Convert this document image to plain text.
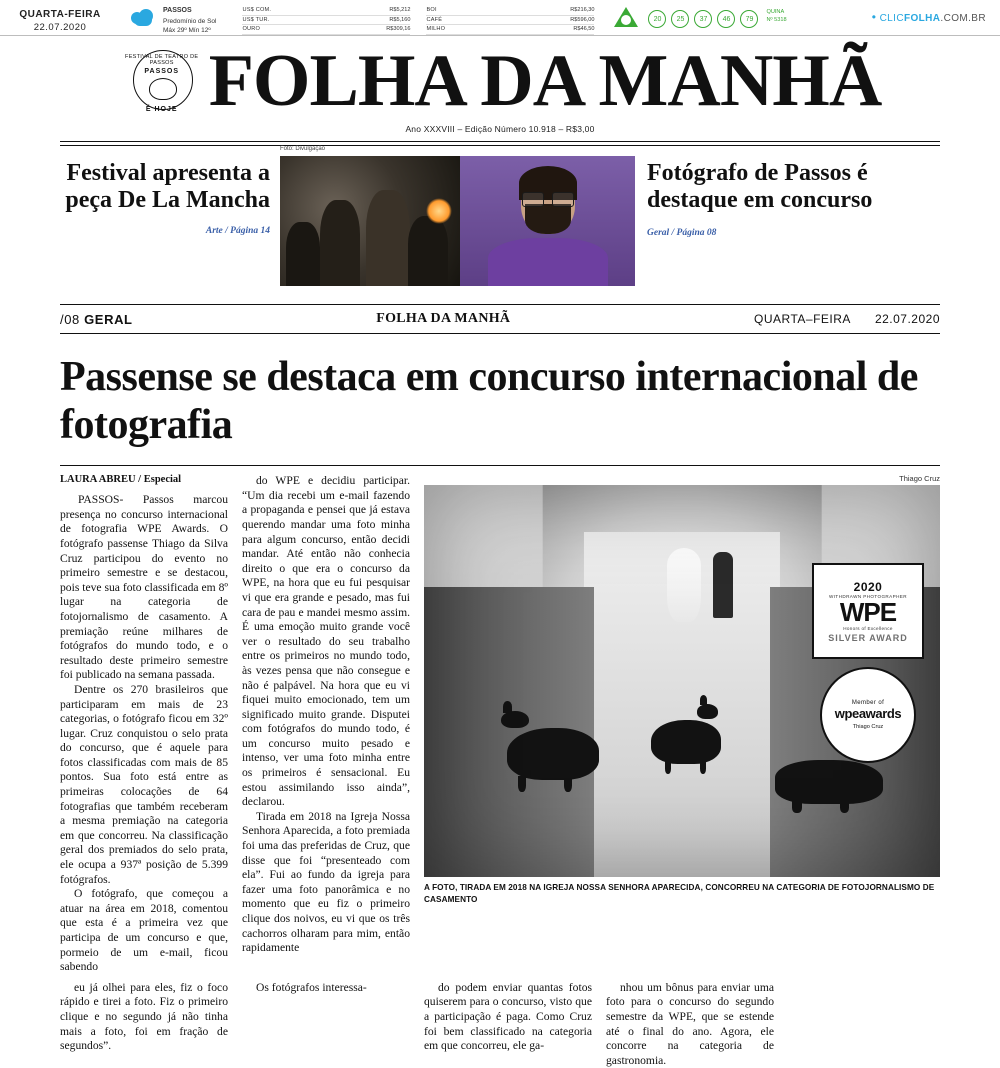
QUARTA-FEIRA
22.07.2020
PASSOS
Predomínio de Sol
Máx 29º Mín 12º
US$ COM.	R$5,212
US$ TUR.	R$5,160
OURO	R$309,16
BOI	R$216,30
CAFÉ	R$596,00
MILHO	R$46,50
20	25	37	46	79
QUINA
Nº 5318	• CLICFOLHA.COM.BR
FESTIVAL DE TEATRO DE PASSOS
PASSOS
É HOJE FOLHA DA MANHÃ
Ano XXXVIII – Edição Número 10.918 – R$3,00
Festival apresenta a peça De La Mancha
Arte / Página 14
Foto: Divulgação
Fotógrafo de Passos é destaque em concurso
Geral / Página 08
/08 GERAL	FOLHA DA MANHÃ	QUARTA–FEIRA 22.07.2020
Passense se destaca em concurso internacional de fotografia
LAURA ABREU / Especial

PASSOS- Passos marcou presença no concurso internacional de fotografia WPE Awards. O fotógrafo passense Thiago da Silva Cruz participou do evento no primeiro semestre e se destacou, pois teve sua foto classificada em 8º lugar na categoria de fotojornalismo de casamento. A premiação reúne milhares de fotógrafos do mundo todo, e o resultado deste primeiro semestre foi publicado na semana passada.

Dentre os 270 brasileiros que participaram em mais de 23 categorias, o fotógrafo ficou em 32º lugar. Cruz conquistou o selo prata do concurso, que é aquele para fotos classificadas com mais de 85 pontos. Sua foto está entre as primeiras colocações de 64 fotografias que também receberam a mesma premiação na categoria em que concorreu. Na classificação geral dos premiados do selo prata, ele ocupa a 937ª posição de 5.399 fotógrafos.

O fotógrafo, que começou a atuar na área em 2018, comentou que esta é a primeira vez que participa de um concurso e que, pormeio de um e-mail, ficou sabendo

do WPE e decidiu participar. “Um dia recebi um e-mail fazendo a propaganda e pensei que já estava querendo mandar uma foto minha para algum concurso, então decidi mandar. Até então não conhecia direito o que era o concurso da WPE, na hora que eu fui pesquisar vi que era grande e pesado, mas fui cara de pau e mandei mesmo assim. É uma emoção muito grande você ver o resultado do seu trabalho entre os primeiros no mundo todo, às vezes pensa que não consegue e não é palpável. Na hora que eu vi fiquei muito emocionado, tem um significado muito grande. Disputei com fotógrafos do mundo todo, é um concurso muito pesado e intenso, ver uma foto minha entre os primeiros é sensacional. Eu estou assimilando isso ainda”, declarou.

Tirada em 2018 na Igreja Nossa Senhora Aparecida, a foto premiada foi uma das preferidas de Cruz, que disse que foi “presenteado com ela”. Fui ao fundo da igreja para fazer uma foto panorâmica e no momento que eu fiz o primeiro clique dos noivos, eu vi que os três cachorros olharam para mim, então rapidamente

Thiago Cruz
2020
WITHDRAWN PHOTOGRAPHER
WPE
Honors of Excellence
SILVER AWARD
Member of
wpeawards
Thiago Cruz
A FOTO, TIRADA EM 2018 NA IGREJA NOSSA SENHORA APARECIDA, CONCORREU NA CATEGORIA DE FOTOJORNALISMO DE CASAMENTO

eu já olhei para eles, fiz o foco rápido e tirei a foto. Fiz o primeiro clique e no segundo já não tinha mais a foto, foi em fração de segundos”.

Os fotógrafos interessa-	do podem enviar quantas fotos quiserem para o concurso, visto que a participação é paga. Como Cruz foi bem classificado na categoria em que concorreu, ele ga-

nhou um bônus para enviar uma foto para o concurso do segundo semestre da WPE, que se estende até o final do ano. Agora, ele concorre na categoria de gastronomia.
